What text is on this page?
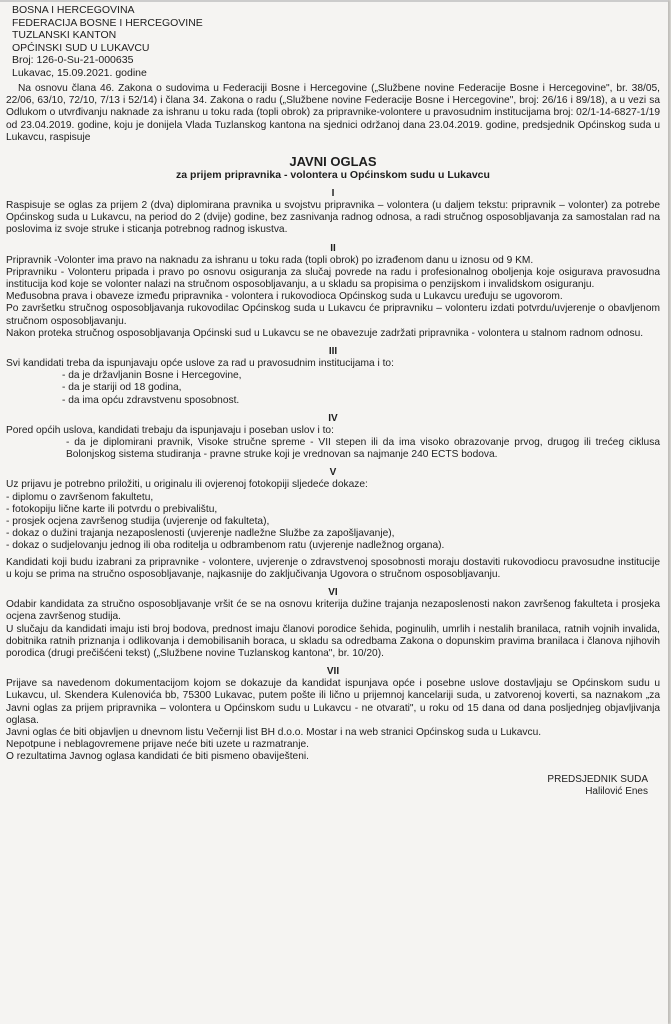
BOSNA I HERCEGOVINA
FEDERACIJA BOSNE I HERCEGOVINE
TUZLANSKI KANTON
OPĆINSKI SUD U LUKAVCU
Broj: 126-0-Su-21-000635
Lukavac, 15.09.2021. godine

Na osnovu člana 46. Zakona o sudovima u Federaciji Bosne i Hercegovine („Službene novine Federacije Bosne i Hercegovine", br. 38/05, 22/06, 63/10, 72/10, 7/13 i 52/14) i člana 34. Zakona o radu („Službene novine Federacije Bosne i Hercegovine", broj: 26/16 i 89/18), a u vezi sa Odlukom o utvrđivanju naknade za ishranu u toku rada (topli obrok) za pripravnike-volontere u pravosudnim institucijama broj: 02/1-14-6827-1/19 od 23.04.2019. godine, koju je donijela Vlada Tuzlanskog kantona na sjednici održanoj dana 23.04.2019. godine, predsjednik Općinskog suda u Lukavcu, raspisuje

JAVNI OGLAS
za prijem pripravnika - volontera u Općinskom sudu u Lukavcu
I

Raspisuje se oglas za prijem 2 (dva) diplomirana pravnika u svojstvu pripravnika – volontera (u daljem tekstu: pripravnik – volonter) za potrebe Općinskog suda u Lukavcu, na period do 2 (dvije) godine, bez zasnivanja radnog odnosa, a radi stručnog osposobljavanja za samostalan rad na poslovima iz svoje struke i sticanja potrebnog radnog iskustva.

II

Pripravnik -Volonter ima pravo na naknadu za ishranu u toku rada (topli obrok) po izrađenom danu u iznosu od 9 KM.

Pripravniku - Volonteru pripada i pravo po osnovu osiguranja za slučaj povrede na radu i profesionalnog oboljenja koje osigurava pravosudna institucija kod koje se volonter nalazi na stručnom osposobljavanju, a u skladu sa propisima o penzijskom i invalidskom osiguranju.

Međusobna prava i obaveze između pripravnika - volontera i rukovodioca Općinskog suda u Lukavcu uređuju se ugovorom.

Po završetku stručnog osposobljavanja rukovodilac Općinskog suda u Lukavcu će pripravniku – volonteru izdati potvrdu/uvjerenje o obavljenom stručnom osposobljavanju.

Nakon proteka stručnog osposobljavanja Općinski sud u Lukavcu se ne obavezuje zadržati pripravnika - volontera u stalnom radnom odnosu.

III

Svi kandidati treba da ispunjavaju opće uslove za rad u pravosudnim institucijama i to:

- da je državljanin Bosne i Hercegovine,
- da je stariji od 18 godina,
- da ima opću zdravstvenu sposobnost.
IV

Pored općih uslova, kandidati trebaju da ispunjavaju i poseban uslov i to:

- da je diplomirani pravnik, Visoke stručne spreme - VII stepen ili da ima visoko obrazovanje prvog, drugog ili trećeg ciklusa Bolonjskog sistema studiranja - pravne struke koji je vrednovan sa najmanje 240 ECTS bodova.

V

Uz prijavu je potrebno priložiti, u originalu ili ovjerenoj fotokopiji sljedeće dokaze:

- diplomu o završenom fakultetu,
- fotokopiju lične karte ili potvrdu o prebivalištu,
- prosjek ocjena završenog studija (uvjerenje od fakulteta),
- dokaz o dužini trajanja nezaposlenosti (uvjerenje nadležne Službe za zapošljavanje),
- dokaz o sudjelovanju jednog ili oba roditelja u odbrambenom ratu (uvjerenje nadležnog organa).

Kandidati koji budu izabrani za pripravnike - volontere, uvjerenje o zdravstvenoj sposobnosti moraju dostaviti rukovodiocu pravosudne institucije u koju se prima na stručno osposobljavanje, najkasnije do zaključivanja Ugovora o stručnom osposobljavanju.

VI

Odabir kandidata za stručno osposobljavanje vršit će se na osnovu kriterija dužine trajanja nezaposlenosti nakon završenog fakulteta i prosjeka ocjena završenog studija.

U slučaju da kandidati imaju isti broj bodova, prednost imaju članovi porodice šehida, poginulih, umrlih i nestalih branilaca, ratnih vojnih invalida, dobitnika ratnih priznanja i odlikovanja i demobilisanih boraca, u skladu sa odredbama Zakona o dopunskim pravima branilaca i članova njihovih porodica (drugi prečišćeni tekst) („Službene novine Tuzlanskog kantona", br. 10/20).

VII

Prijave sa navedenom dokumentacijom kojom se dokazuje da kandidat ispunjava opće i posebne uslove dostavljaju se Općinskom sudu u Lukavcu, ul. Skendera Kulenovića bb, 75300 Lukavac, putem pošte ili lično u prijemnoj kancelariji suda, u zatvorenoj koverti, sa naznakom „za Javni oglas za prijem pripravnika – volontera u Općinskom sudu u Lukavcu - ne otvarati", u roku od 15 dana od dana posljednjeg objavljivanja oglasa.

Javni oglas će biti objavljen u dnevnom listu Večernji list BH d.o.o. Mostar i na web stranici Općinskog suda u Lukavcu.

Nepotpune i neblagovremene prijave neće biti uzete u razmatranje.

O rezultatima Javnog oglasa kandidati će biti pismeno obaviješteni.

PREDSJEDNIK SUDA
Halilović Enes
